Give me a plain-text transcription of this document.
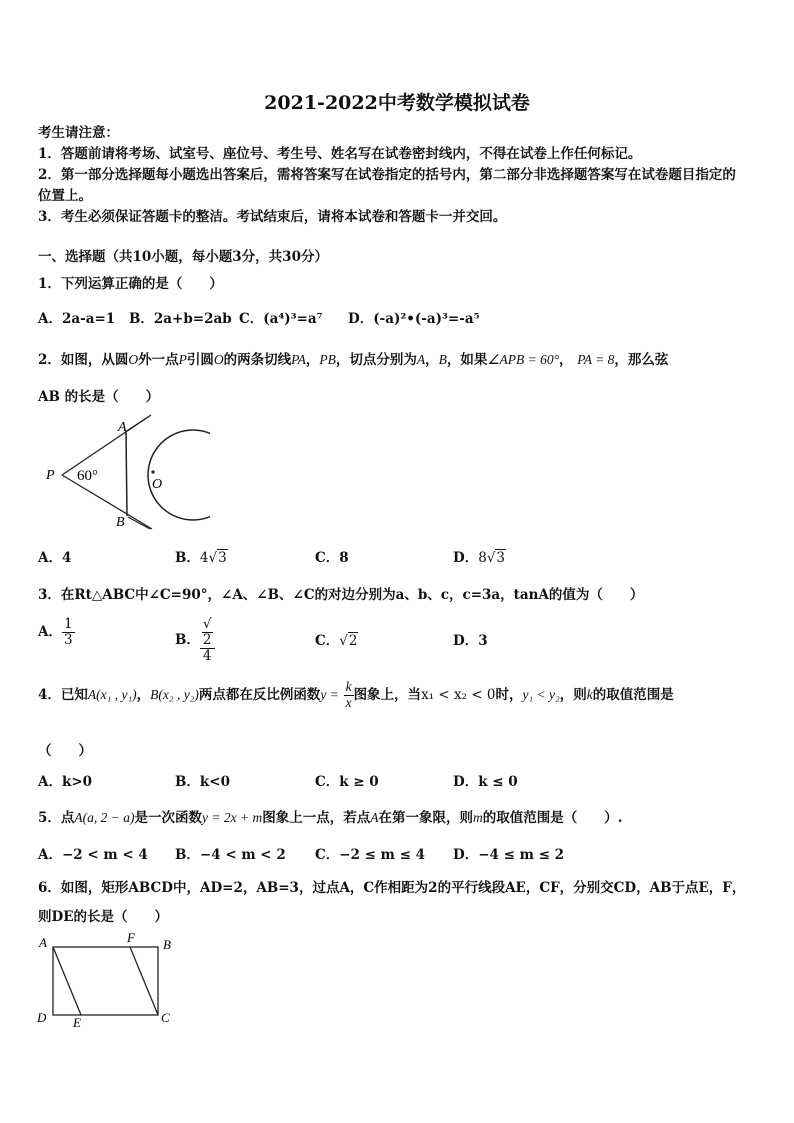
2021-2022中考数学模拟试卷
考生请注意：
1．答题前请将考场、试室号、座位号、考生号、姓名写在试卷密封线内，不得在试卷上作任何标记。
2．第一部分选择题每小题选出答案后，需将答案写在试卷指定的括号内，第二部分非选择题答案写在试卷题目指定的
位置上。
3．考生必须保证答题卡的整洁。考试结束后，请将本试卷和答题卡一并交回。
一、选择题（共10小题，每小题3分，共30分）
1．下列运算正确的是（　　）
A．2a-a=1 B．2a+b=2ab C．(a⁴)³=a⁷ D．(-a)²•(-a)³=-a⁵
2．如图，从圆O外一点P引圆O的两条切线PA，PB，切点分别为A，B，如果∠APB = 60°， PA = 8，那么弦
AB 的长是（　　）
P
A
B
O
60°
A．4	B．4√3	C．8	D．8√3
3．在Rt△ABC中∠C=90°，∠A、∠B、∠C的对边分别为a、b、c，c=3a，tanA的值为（　　）
A． $\frac{1}{3}$	B． √
2
4	C．√2	D．3
4．已知A(x₁ , y₁)，B(x₂ , y₂)两点都在反比例函数$y = \frac{k}{x}$ 图象上，当x₁ < x₂ < 0时，y₁ < y₂，则k的取值范围是
（　　）
A．k>0	B．k<0	C．k ≥ 0	D．k ≤ 0
5．点A(a, 2 − a)是一次函数y = 2x + m图象上一点，若点A在第一象限，则m的取值范围是（　　）.
A．−2 < m < 4 B．−4 < m < 2 C．−2 ≤ m ≤ 4 D．−4 ≤ m ≤ 2
6．如图，矩形ABCD中，AD=2，AB=3，过点A，C作相距为2的平行线段AE，CF，分别交CD，AB于点E，F，
则DE的长是（　　）
A	B
C
D E
F
